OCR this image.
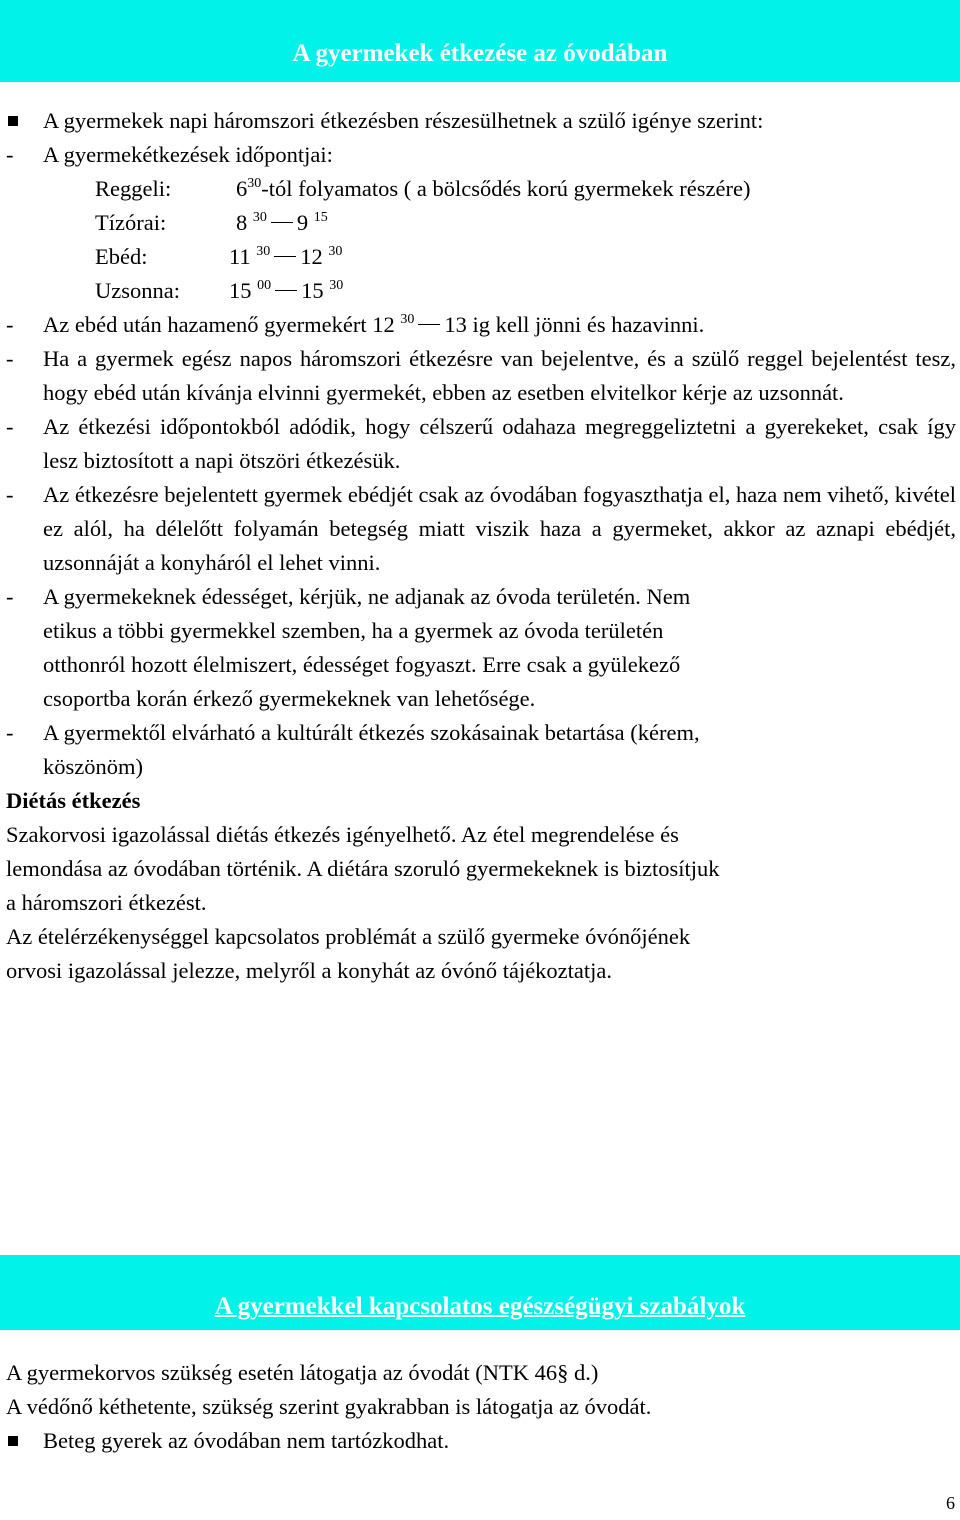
A gyermekek étkezése az óvodában
A gyermekek napi háromszori étkezésben részesülhetnek a szülő igénye szerint:
-	A gyermekétkezések időpontjai:
Reggeli:	$6^{30}$-tól folyamatos ( a bölcsődés korú gyermekek részére)
Tízórai:	8 $^{30}$ 9 $^{15}$
Ebéd:	11 $^{30}$ 12 $^{30}$
Uzsonna: 15 $^{00}$ 15 $^{30}$
-	Az ebéd után hazamenő gyermekért 12 $^{30}$ 13 ig kell jönni és hazavinni.
-	Ha a gyermek egész napos háromszori étkezésre van bejelentve, és a szülő reggel bejelentést tesz, hogy ebéd után kívánja elvinni gyermekét, ebben az esetben elvitelkor kérje az uzsonnát.
-	Az étkezési időpontokból adódik, hogy célszerű odahaza megreggeliztetni a gyerekeket, csak így lesz biztosított a napi ötszöri étkezésük.
-	Az étkezésre bejelentett gyermek ebédjét csak az óvodában fogyaszthatja el, haza nem vihető, kivétel ez alól, ha délelőtt folyamán betegség miatt viszik haza a gyermeket, akkor az aznapi ebédjét, uzsonnáját a konyháról el lehet vinni.
-	A gyermekeknek édességet, kérjük, ne adjanak az óvoda területén. Nem
etikus a többi gyermekkel szemben, ha a gyermek az óvoda területén
otthonról hozott élelmiszert, édességet fogyaszt. Erre csak a gyülekező
csoportba korán érkező gyermekeknek van lehetősége.
-	A gyermektől elvárható a kultúrált étkezés szokásainak betartása (kérem,
köszönöm)
Diétás étkezés
Szakorvosi igazolással diétás étkezés igényelhető. Az étel megrendelése és
lemondása az óvodában történik. A diétára szoruló gyermekeknek is biztosítjuk
a háromszori étkezést.
Az ételérzékenységgel kapcsolatos problémát a szülő gyermeke óvónőjének
orvosi igazolással jelezze, melyről a konyhát az óvónő tájékoztatja.
A gyermekkel kapcsolatos egészségügyi szabályok
A gyermekorvos szükség esetén látogatja az óvodát (NTK 46§ d.)
A védőnő kéthetente, szükség szerint gyakrabban is látogatja az óvodát.
Beteg gyerek az óvodában nem tartózkodhat.
6
